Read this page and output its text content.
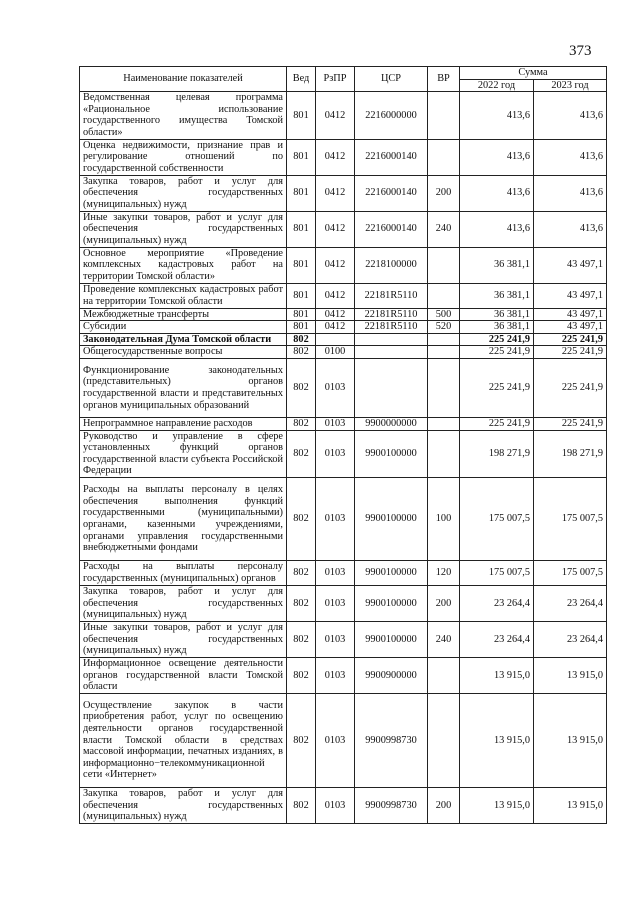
373
Наименование показателей	Вед	РзПР	ЦСР	ВР	Сумма	
					2022 год	2023 год
Ведомственная целевая программа «Рациональное использование государственного имущества Томской области»	801	0412	2216000000		413,6	413,6
Оценка недвижимости, признание прав и регулирование отношений по государственной собственности	801	0412	2216000140		413,6	413,6
Закупка товаров, работ и услуг для обеспечения государственных (муниципальных) нужд	801	0412	2216000140	200	413,6	413,6
Иные закупки товаров, работ и услуг для обеспечения государственных (муниципальных) нужд	801	0412	2216000140	240	413,6	413,6
Основное мероприятие «Проведение комплексных кадастровых работ на территории Томской области»	801	0412	2218100000		36 381,1	43 497,1
Проведение комплексных кадастровых работ на территории Томской области	801	0412	22181R5110		36 381,1	43 497,1
Межбюджетные трансферты	801	0412	22181R5110	500	36 381,1	43 497,1
Субсидии	801	0412	22181R5110	520	36 381,1	43 497,1
Законодательная Дума Томской области	802				225 241,9	225 241,9
Общегосударственные вопросы	802	0100			225 241,9	225 241,9
Функционирование законодательных (представительных) органов государственной власти и представительных органов муниципальных образований	802	0103			225 241,9	225 241,9
Непрограммное направление расходов	802	0103	9900000000		225 241,9	225 241,9
Руководство и управление в сфере установленных функций органов государственной власти субъекта Российской Федерации	802	0103	9900100000		198 271,9	198 271,9
Расходы на выплаты персоналу в целях обеспечения выполнения функций государственными (муниципальными) органами, казенными учреждениями, органами управления государственными внебюджетными фондами	802	0103	9900100000	100	175 007,5	175 007,5
Расходы на выплаты персоналу государственных (муниципальных) органов	802	0103	9900100000	120	175 007,5	175 007,5
Закупка товаров, работ и услуг для обеспечения государственных (муниципальных) нужд	802	0103	9900100000	200	23 264,4	23 264,4
Иные закупки товаров, работ и услуг для обеспечения государственных (муниципальных) нужд	802	0103	9900100000	240	23 264,4	23 264,4
Информационное освещение деятельности органов государственной власти Томской области	802	0103	9900900000		13 915,0	13 915,0
Осуществление закупок в части приобретения работ, услуг по освещению деятельности органов государственной власти Томской области в средствах массовой информации, печатных изданиях, в информационно−телекоммуникационной сети «Интернет»	802	0103	9900998730		13 915,0	13 915,0
Закупка товаров, работ и услуг для обеспечения государственных (муниципальных) нужд	802	0103	9900998730	200	13 915,0	13 915,0
